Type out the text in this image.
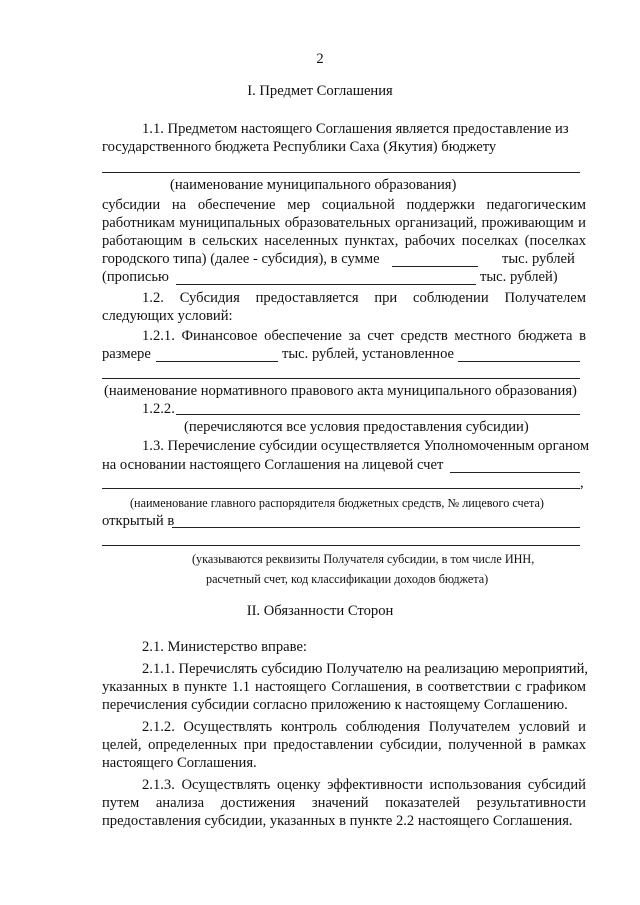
2
I. Предмет Соглашения
1.1. Предметом настоящего Соглашения является предоставление из
государственного бюджета Республики Саха (Якутия) бюджету
(наименование муниципального образования)
субсидии на обеспечение мер социальной поддержки педагогическим
работникам муниципальных образовательных организаций, проживающим и
работающим в сельских населенных пунктах, рабочих поселках (поселках
городского типа) (далее - субсидия), в сумме	тыс. рублей
(прописью	тыс. рублей)
1.2. Субсидия предоставляется при соблюдении Получателем
следующих условий:
1.2.1. Финансовое обеспечение за счет средств местного бюджета в
размере	тыс. рублей, установленное
(наименование нормативного правового акта муниципального образования)
1.2.2.
(перечисляются все условия предоставления субсидии)
1.3. Перечисление субсидии осуществляется Уполномоченным органом
на основании настоящего Соглашения на лицевой счет
,
(наименование главного распорядителя бюджетных средств, № лицевого счета)
открытый в
(указываются реквизиты Получателя субсидии, в том числе ИНН,
расчетный счет, код классификации доходов бюджета)
II. Обязанности Сторон
2.1. Министерство вправе:
2.1.1. Перечислять субсидию Получателю на реализацию мероприятий,
указанных в пункте 1.1 настоящего Соглашения, в соответствии с графиком
перечисления субсидии согласно приложению к настоящему Соглашению.
2.1.2. Осуществлять контроль соблюдения Получателем условий и
целей, определенных при предоставлении субсидии, полученной в рамках
настоящего Соглашения.
2.1.3. Осуществлять оценку эффективности использования субсидий
путем анализа достижения значений показателей результативности
предоставления субсидии, указанных в пункте 2.2 настоящего Соглашения.
